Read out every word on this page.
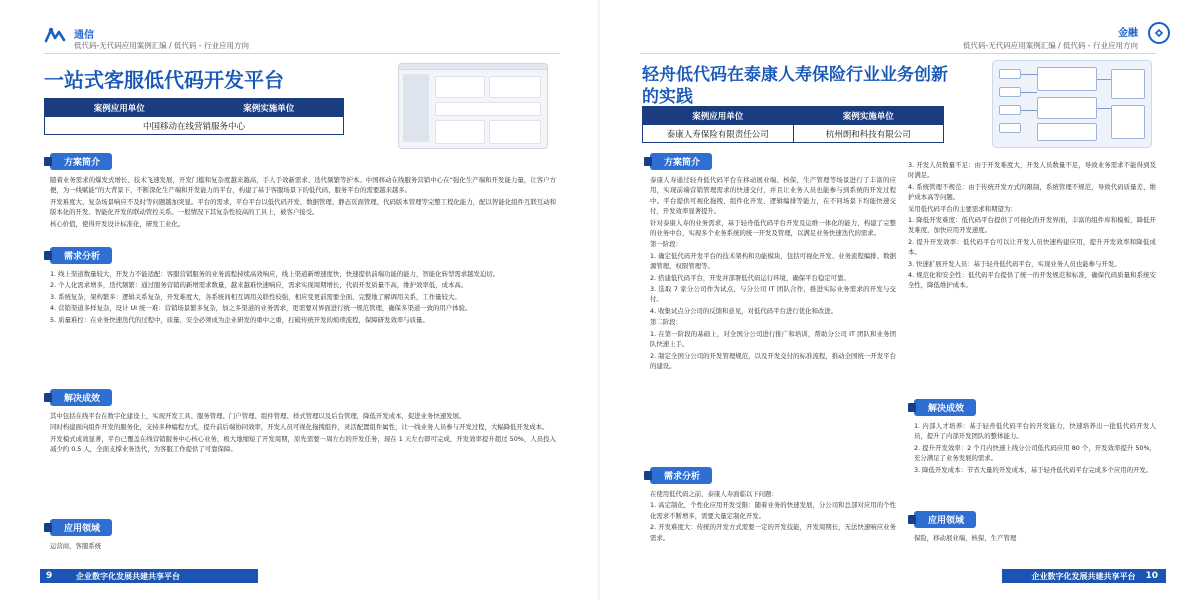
通信
低代码-无代码应用案例汇编 / 低代码 - 行业应用方向
一站式客服低代码开发平台
案例应用单位	案例实施单位
中国移动在线营销服务中心
方案简介

随着业务需求的爆发式增长、技术飞速发展，开发门槛和复杂度越来越高，手人手效新需求、迭代频繁等护本。中国移动在线服务营销中心在“强化生产端和开发能力量，让客户方便，为一线赋能”的大背景下，不断深化生产端和开发能力的平台，构建了基于客服场景下的低代码、服务平台的需要越来越多。

开发难度大、复杂场景响应不及时等问题越加突显。平台的需求，平台平台以低代码开发、数据管理、静态页面管理、代码版本管理等完整工程化能力，配以智能化组件互联互动和版本化的开发、智能化开发的联动管控关系。一般情况下其复杂性较高的工具上，被客户接受。

核心价值，使得开发设计标准化，研发工业化。

需求分析

1. 线上渠道数量较大，开发力不能适配：客服营销服务的业务流程持续高效响应，线上渠道新增速度快，快速提供前端功能的能力，智能化转型需求越发迫切。

2. 个人化需求增多，迭代频繁：通过服务营销的新增需求数量，越来越难快速响应，需求实现周期增长，代码开发质量不高，维护效率低，成本高。

3. 系统复杂，架构繁多：逻辑关系复杂，开发难度大，各系统间相互调用关联性较强，相应变更前需要全面、完整地了解调用关系，工作量较大。

4. 营销渠道多样复杂，设计 UI 统一难：营销场景繁多复杂，加之多渠道的业务需求，更需要对界面进行统一规范管理，确保多渠道一致的用户体验。

5. 质量难控：在业务快速迭代的过程中，质量、安全必须成为企业研发的重中之重，打破传统开发的烦琐流程，保障研发效率与质量。

解决成效

其中包括在线平台在数字化建设上，实现开发工具、服务管理、门户管理、组件管理、样式管理以及后台管理，降低开发成本，促进业务快速发展。

同时构建面向组件开发的服务化，支持多种编程方式，提升前后端协同效率，开发人员可视化拖拽组件，灵活配置组件属性，让一线业务人员参与开发过程，大幅降低开发成本。

开发模式成效显著，平台已覆盖在线营销服务中心核心业务，极大地缩短了开发周期，原先需要一周左右的开发任务，现在 1 天左右即可完成，开发效率提升超过 50%，人员投入减少约 0.5 人，全面支撑业务迭代，为客服工作提供了可靠保障。

应用领域

运营商，客服系统

9	企业数字化发展共建共享平台
金融
低代码-无代码应用案例汇编 / 低代码 - 行业应用方向
轻舟低代码在泰康人寿保险行业业务创新的实践
案例应用单位	案例实施单位
泰康人寿保险有限责任公司	杭州朗和科技有限公司
方案简介

泰康人寿通过轻舟低代码平台在移动展业端、核保、生产管理等场景进行了丰富的应用，实现前端营销管理需求的快速交付，并且让业务人员也能参与到系统的开发过程中。平台提供可视化拖拽、组件化开发、逻辑编排等能力，在不同场景下均能快速交付，开发效率显著提升。

针对泰康人寿的业务需求，基于轻舟低代码平台开发及运维一体化的能力，构建了完整的业务中台，实现多个业务系统的统一开发及管理，以满足业务快速迭代的需求。

第一阶段：

1. 确定低代码开发平台的技术架构和功能模块，包括可视化开发、业务流程编排、数据源管理、权限管理等。

2. 搭建低代码平台，开发并部署低代码运行环境，确保平台稳定可靠。

3. 选取 7 家分公司作为试点，与分公司 IT 团队合作，推进实际业务需求的开发与交付。

4. 收集试点分公司的反馈和意见，对低代码平台进行优化和改进。

第二阶段：

1. 在第一阶段的基础上，对全国分公司进行推广和培训，帮助分公司 IT 团队和业务团队快速上手。

2. 制定全国分公司的开发管理规范，以及开发交付的标准流程，推动全国统一开发平台的建设。

需求分析

在使用低代码之前，泰康人寿面临以下问题：

1. 高定制化，个性化应用开发受限：随着业务的快速发展，分公司和总部对应用的个性化需求不断增多，需要大量定制化开发。

2. 开发难度大：传统的开发方式需要一定的开发技能，开发周期长，无法快速响应业务需求。

3. 开发人员数量不足：由于开发难度大，开发人员数量不足，导致业务需求不能得到及时满足。

4. 系统管理不规范：由于传统开发方式的限制，系统管理不规范，导致代码质量差、维护成本高等问题。

采用低代码平台的主要需求和期望为：

1. 降低开发难度：低代码平台提供了可视化的开发界面，丰富的组件库和模板，降低开发难度，加快应用开发速度。

2. 提升开发效率：低代码平台可以让开发人员快速构建应用，提升开发效率和降低成本。

3. 快速扩展开发人员：基于轻舟低代码平台，实现业务人员也能参与开发。

4. 规范化和安全性：低代码平台提供了统一的开发规范和标准，确保代码质量和系统安全性，降低维护成本。

解决成效

1. 内部人才培养：基于轻舟低代码平台的开发能力，快速培养出一批低代码开发人员，提升了内部开发团队的整体能力。

2. 提升开发效率：2 个月内快速上线分公司低代码应用 80 个，开发效率提升 50%，充分满足了业务发展的需求。

3. 降低开发成本：节省大量的开发成本，基于轻舟低代码平台完成多个应用的开发。

应用领域

保险，移动展业端，核保，生产管理

企业数字化发展共建共享平台 10
